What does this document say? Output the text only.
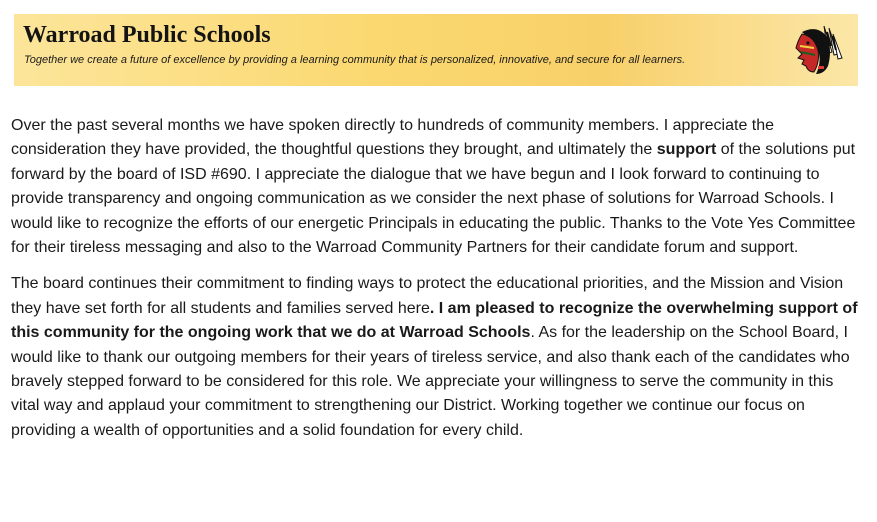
Warroad Public Schools
Together we create a future of excellence by providing a learning community that is personalized, innovative, and secure for all learners.

Over the past several months we have spoken directly to hundreds of community members. I appreciate the consideration they have provided, the thoughtful questions they brought, and ultimately the support of the solutions put forward by the board of ISD #690. I appreciate the dialogue that we have begun and I look forward to continuing to provide transparency and ongoing communication as we consider the next phase of solutions for Warroad Schools. I would like to recognize the efforts of our energetic Principals in educating the public. Thanks to the Vote Yes Committee for their tireless messaging and also to the Warroad Community Partners for their candidate forum and support.

The board continues their commitment to finding ways to protect the educational priorities, and the Mission and Vision they have set forth for all students and families served here. I am pleased to recognize the overwhelming support of this community for the ongoing work that we do at Warroad Schools. As for the leadership on the School Board, I would like to thank our outgoing members for their years of tireless service, and also thank each of the candidates who bravely stepped forward to be considered for this role. We appreciate your willingness to serve the community in this vital way and applaud your commitment to strengthening our District. Working together we continue our focus on providing a wealth of opportunities and a solid foundation for every child.
